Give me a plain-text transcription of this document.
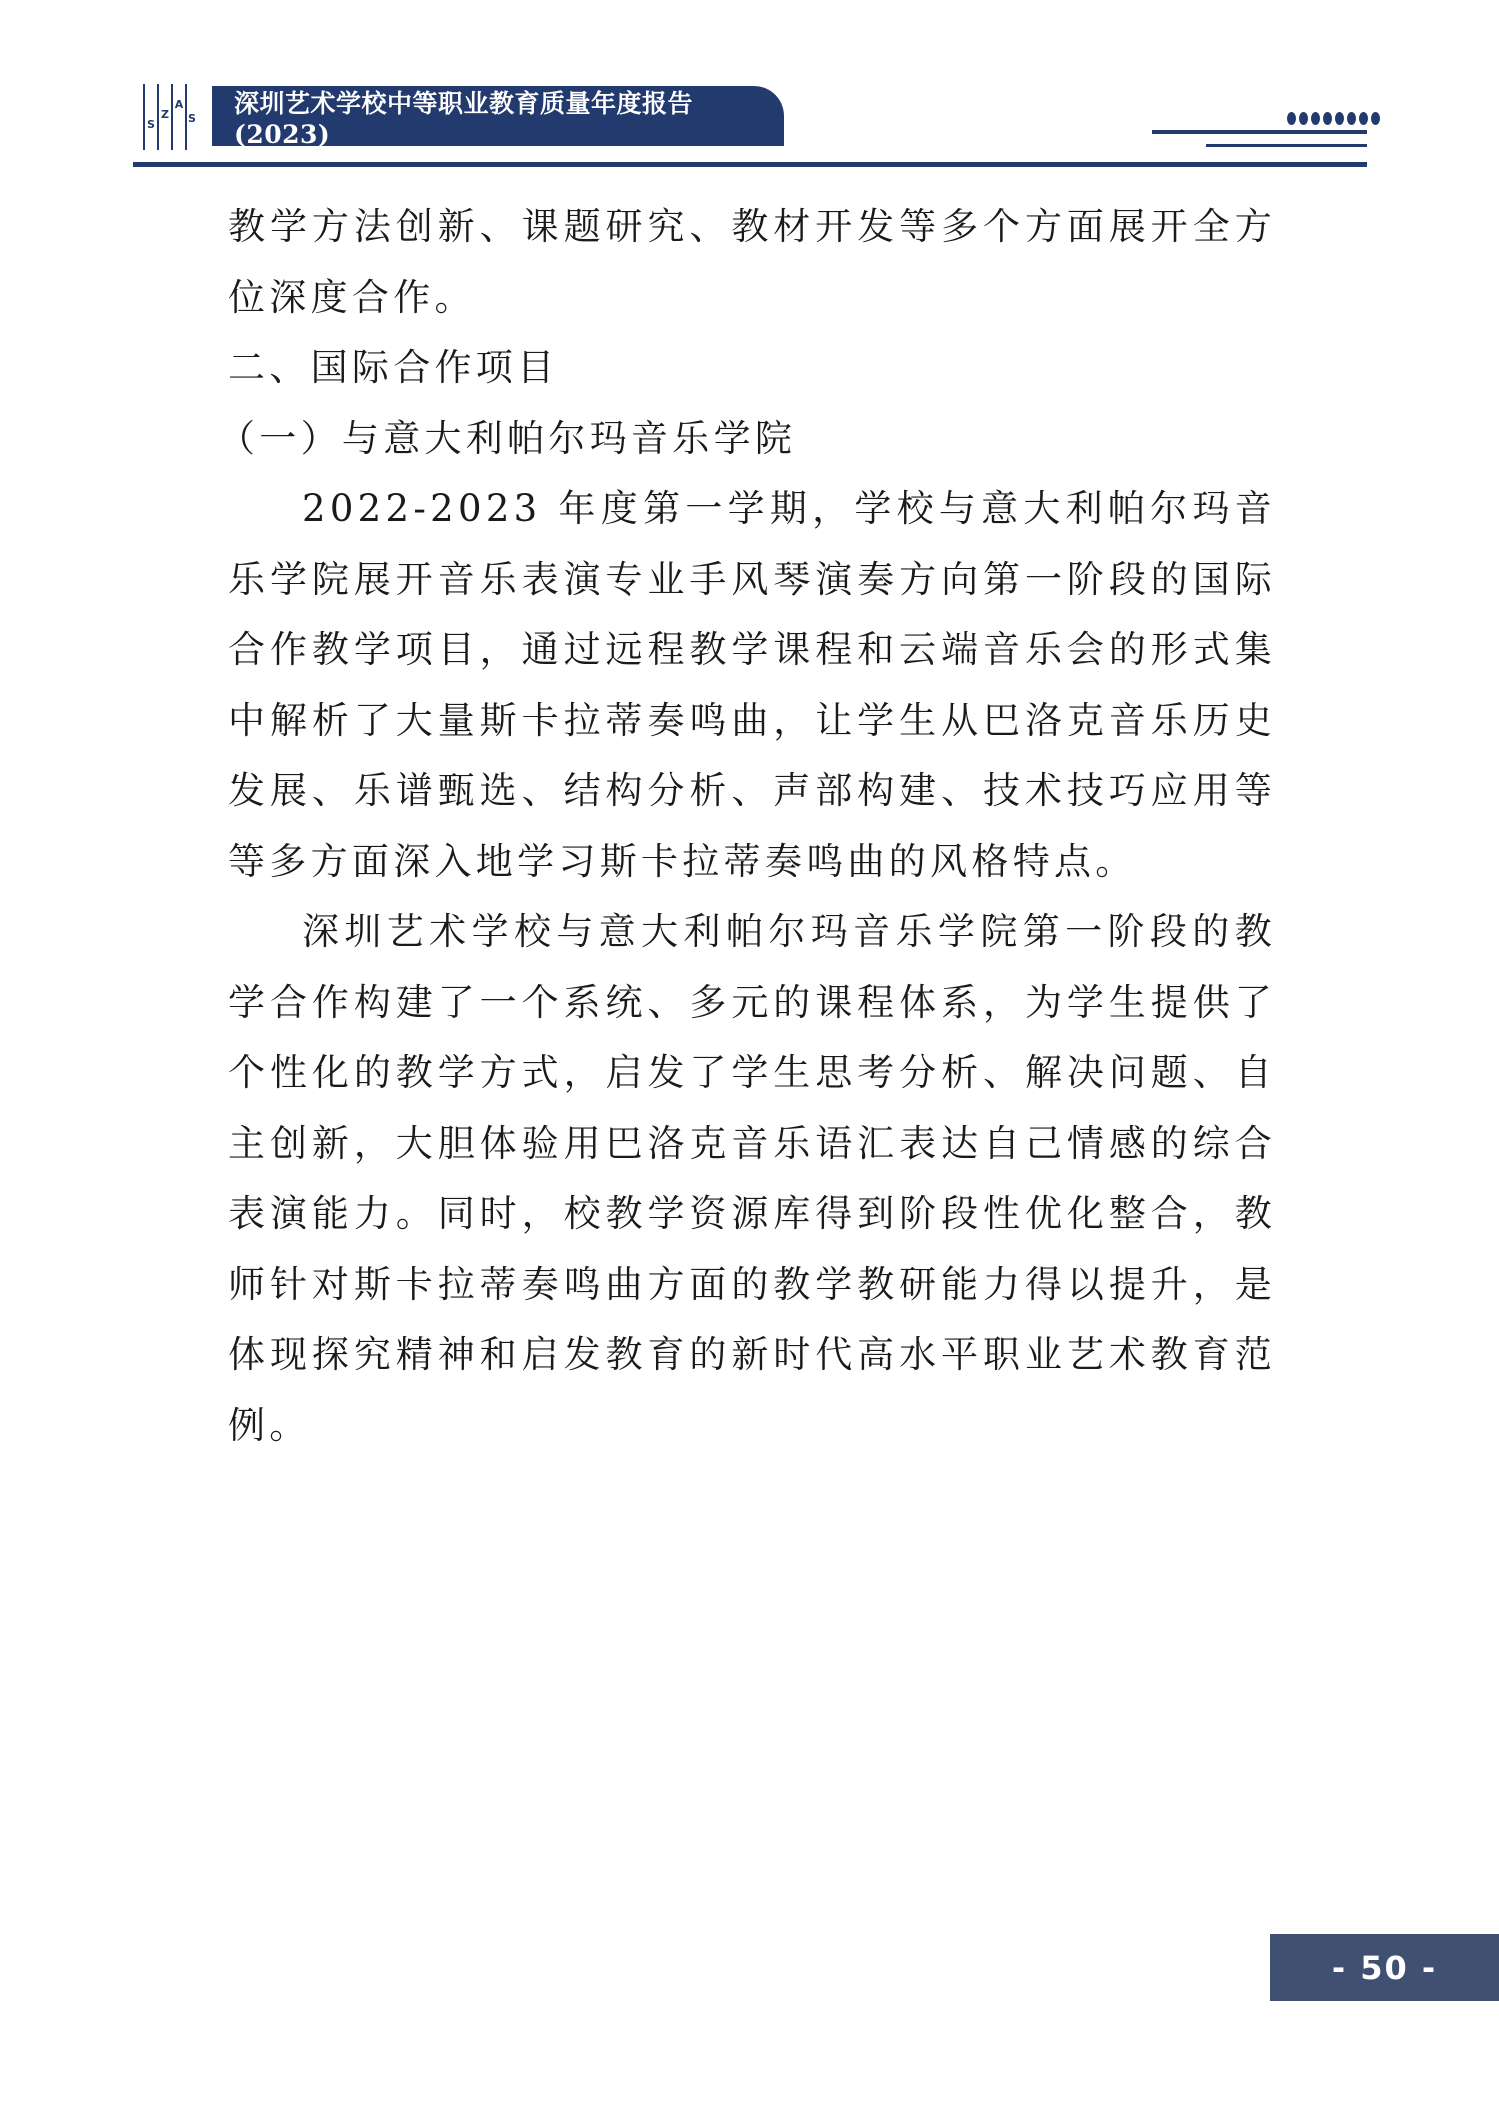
S
Z
A
S
深圳艺术学校中等职业教育质量年度报告(2023)

教学方法创新、课题研究、教材开发等多个方面展开全方位深度合作。

二、国际合作项目

（一）与意大利帕尔玛音乐学院

2022-2023 年度第一学期，学校与意大利帕尔玛音乐学院展开音乐表演专业手风琴演奏方向第一阶段的国际合作教学项目，通过远程教学课程和云端音乐会的形式集中解析了大量斯卡拉蒂奏鸣曲，让学生从巴洛克音乐历史发展、乐谱甄选、结构分析、声部构建、技术技巧应用等等多方面深入地学习斯卡拉蒂奏鸣曲的风格特点。

深圳艺术学校与意大利帕尔玛音乐学院第一阶段的教学合作构建了一个系统、多元的课程体系，为学生提供了个性化的教学方式，启发了学生思考分析、解决问题、自主创新，大胆体验用巴洛克音乐语汇表达自己情感的综合表演能力。同时，校教学资源库得到阶段性优化整合，教师针对斯卡拉蒂奏鸣曲方面的教学教研能力得以提升，是体现探究精神和启发教育的新时代高水平职业艺术教育范例。

- 50 -
